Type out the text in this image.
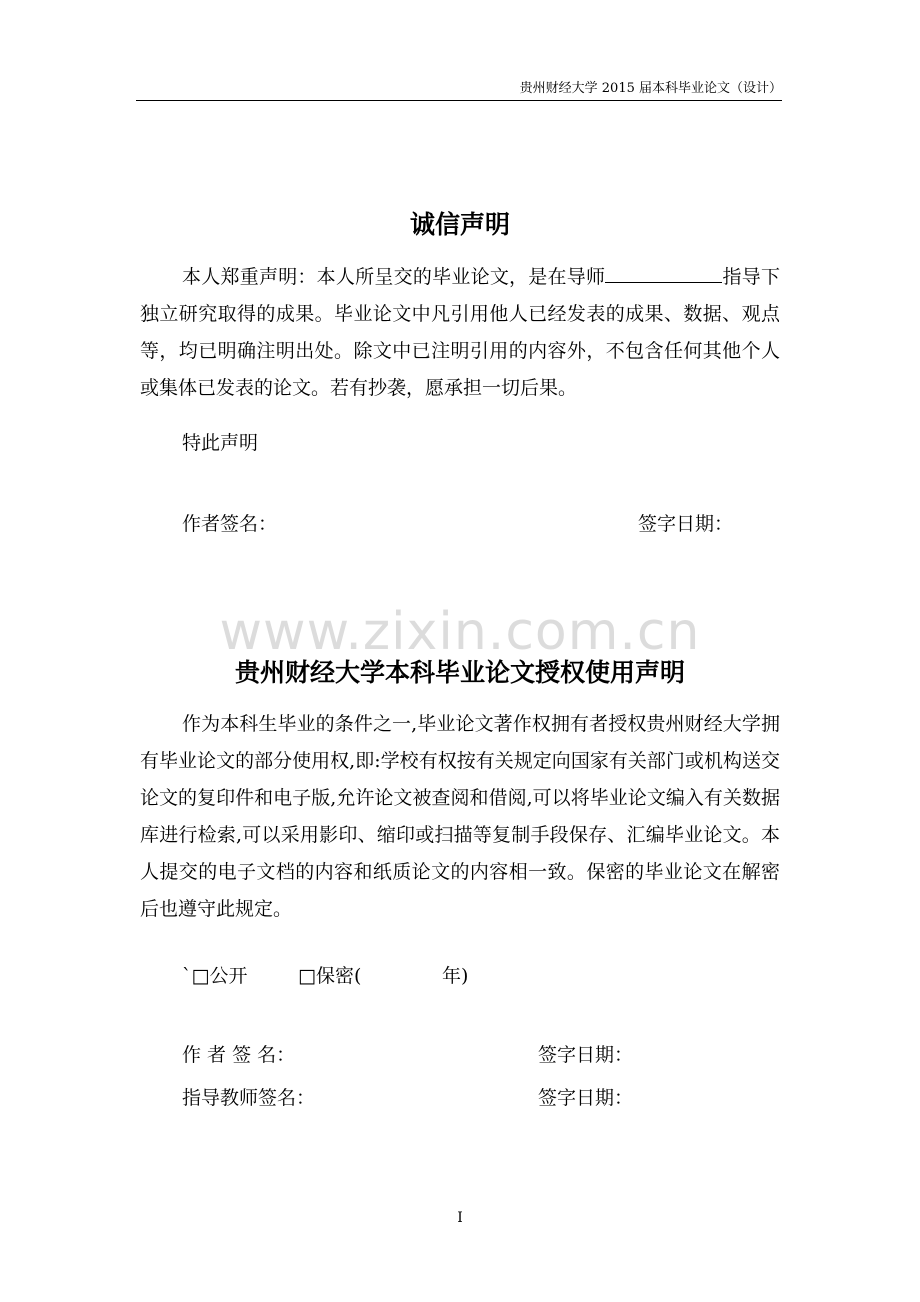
贵州财经大学 2015 届本科毕业论文（设计）
诚信声明

本人郑重声明：本人所呈交的毕业论文，是在导师	指导下独立研究取得的成果。毕业论文中凡引用他人已经发表的成果、数据、观点等，均已明确注明出处。除文中已注明引用的内容外，不包含任何其他个人或集体已发表的论文。若有抄袭，愿承担一切后果。

特此声明
作者签名：	签字日期：
www.zixin.com.cn
贵州财经大学本科毕业论文授权使用声明

作为本科生毕业的条件之一,毕业论文著作权拥有者授权贵州财经大学拥有毕业论文的部分使用权,即:学校有权按有关规定向国家有关部门或机构送交论文的复印件和电子版,允许论文被查阅和借阅,可以将毕业论文编入有关数据库进行检索,可以采用影印、缩印或扫描等复制手段保存、汇编毕业论文。本人提交的电子文档的内容和纸质论文的内容相一致。保密的毕业论文在解密后也遵守此规定。

`□公开	□保密(	年)
作 者 签 名：	签字日期：
指导教师签名：	签字日期：
I
